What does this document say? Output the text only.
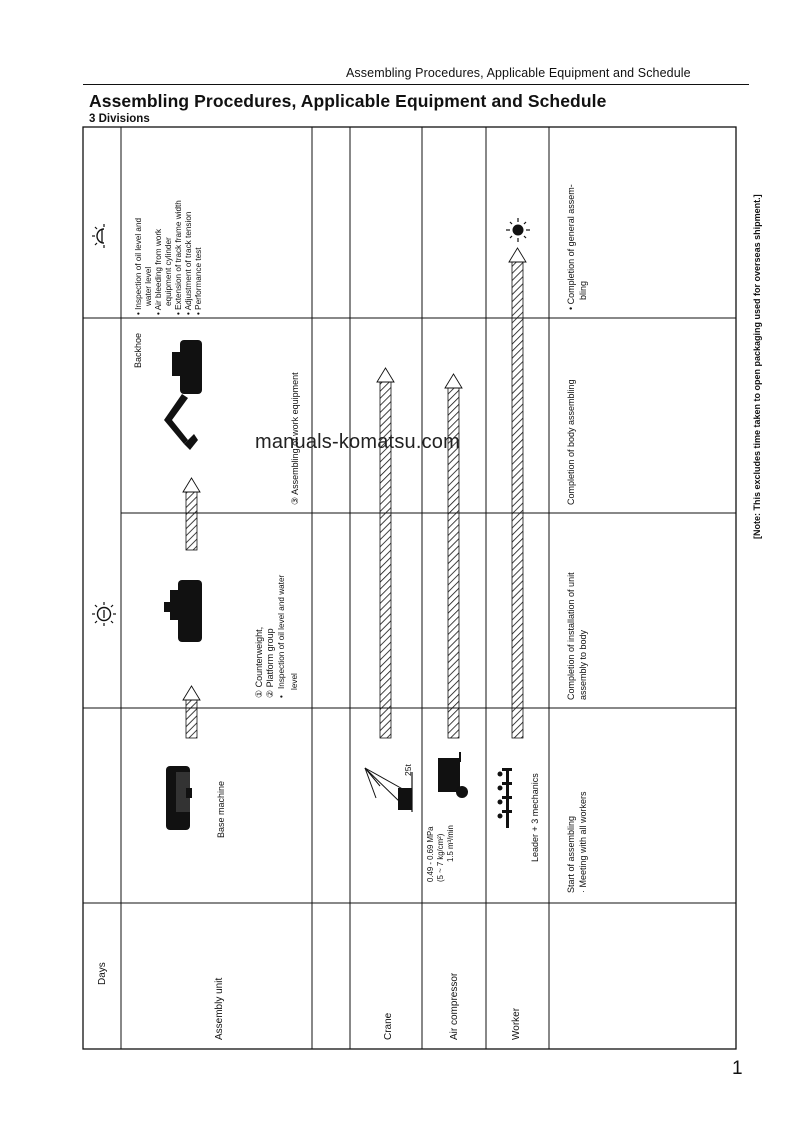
Assembling Procedures, Applicable Equipment and Schedule
Assembling Procedures, Applicable Equipment and Schedule
3 Divisions
Days
Assembly unit	Crane	Air compressor	Worker
Base machine
① Counterweight, ② Platform group
• Inspection of oil level and water level
③ Assembling of work equipment
Backhoe
• Inspection of oil level and water level
• Air bleeding from work equipment cylinder
• Extension of track frame width
• Adjustment of track tension
• Performance test
25t
0.49 - 0.69 MPa (5 ~ 7 kg/cm²) 1.5 m³/min	Leader + 3 mechanics	Start of assembling · Meeting with all workers
Completion of installation of unit assembly to body
Completion of body assembling
• Completion of general assem- bling	[Note: This excludes time taken to open packaging used for overseas shipment.]
manuals-komatsu.com
1
